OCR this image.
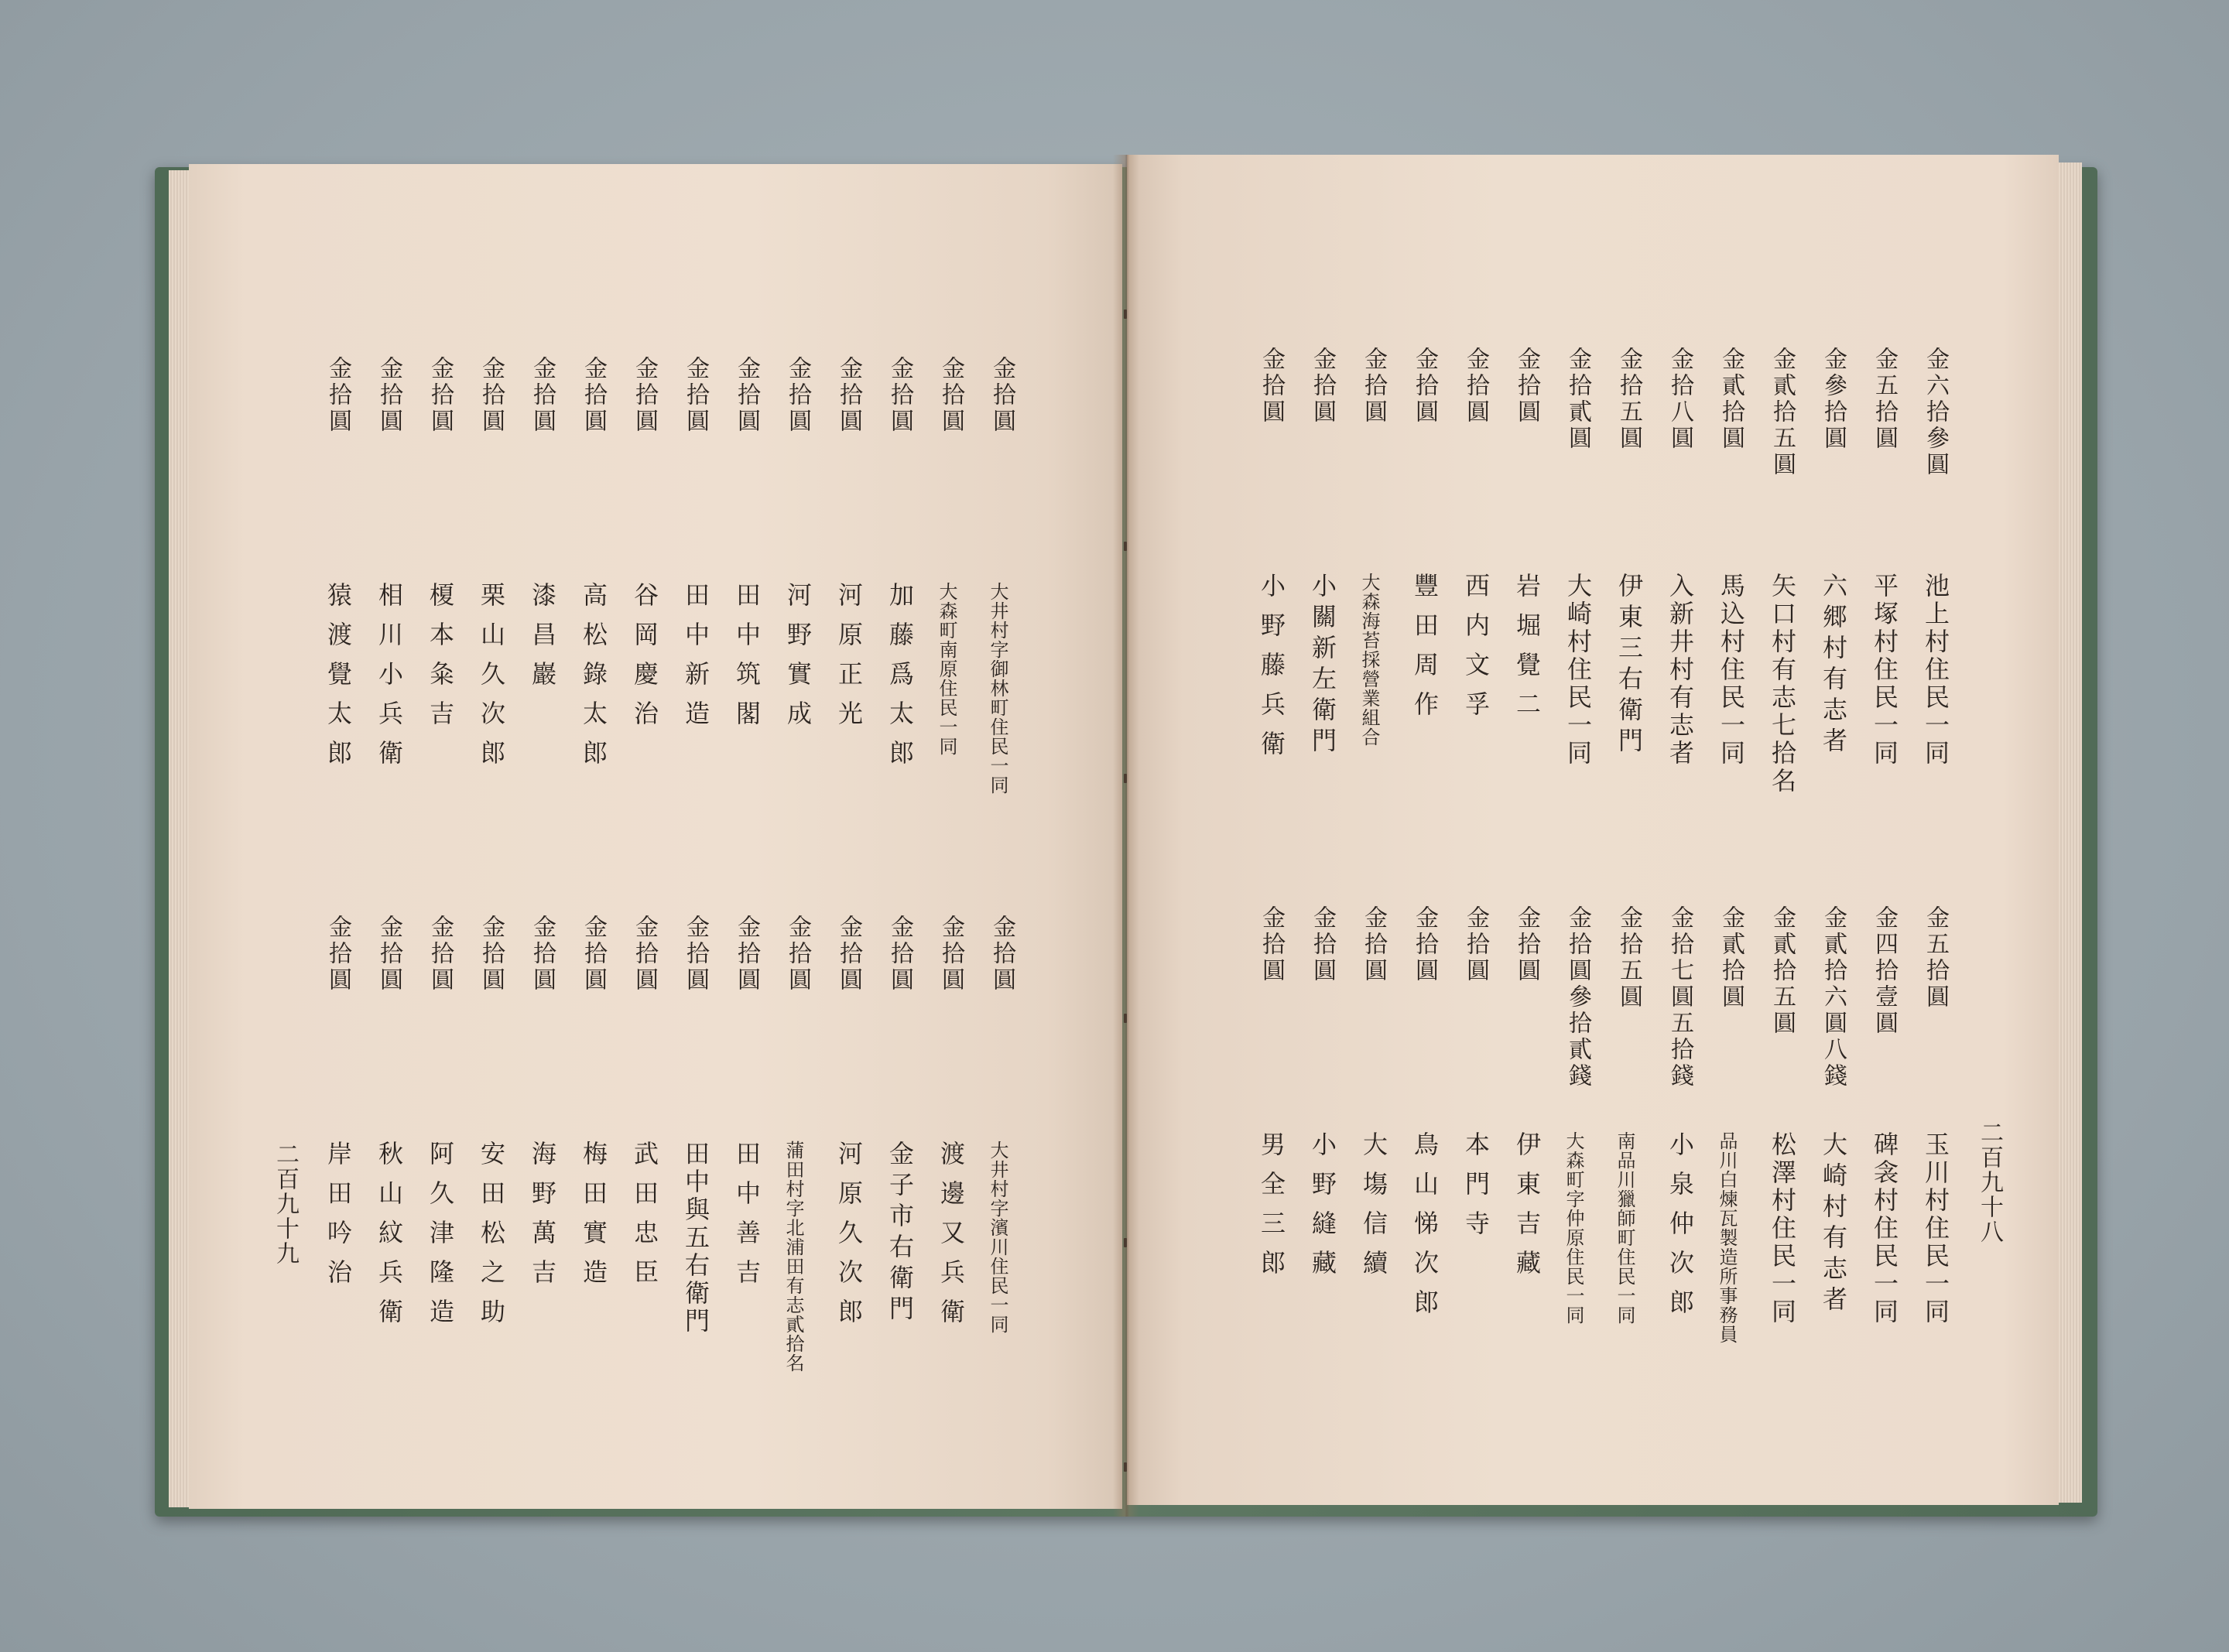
金拾圓
大井村字御林町住民一同
金拾圓
大井村字濱川住民一同
金拾圓
大森町南原住民一同
金拾圓
渡邊又兵衛
金拾圓
加藤爲太郎
金拾圓
金子市右衛門
金拾圓
河原正光
金拾圓
河原久次郎
金拾圓
河野實成
金拾圓
蒲田村字北浦田有志貳拾名
金拾圓
田中筑閣
金拾圓
田中善吉
金拾圓
田中新造
金拾圓
田中與五右衛門
金拾圓
谷岡慶治
金拾圓
武田忠臣
金拾圓
高松錄太郎
金拾圓
梅田實造
金拾圓
漆昌巖
金拾圓
海野萬吉
金拾圓
栗山久次郎
金拾圓
安田松之助
金拾圓
榎本粂吉
金拾圓
阿久津隆造
金拾圓
相川小兵衛
金拾圓
秋山紋兵衛
金拾圓
猿渡覺太郎
金拾圓
岸田吟治
二百九十九
金六拾參圓
池上村住民一同
金五拾圓
玉川村住民一同
金五拾圓
平塚村住民一同
金四拾壹圓
碑衾村住民一同
金參拾圓
六郷村有志者
金貳拾六圓八錢
大崎村有志者
金貳拾五圓
矢口村有志七拾名
金貳拾五圓
松澤村住民一同
金貳拾圓
馬込村住民一同
金貳拾圓
品川白煉瓦製造所事務員
金拾八圓
入新井村有志者
金拾七圓五拾錢
小泉仲次郎
金拾五圓
伊東三右衛門
金拾五圓
南品川獵師町住民一同
金拾貳圓
大崎村住民一同
金拾圓參拾貳錢
大森町字仲原住民一同
金拾圓
岩堀覺二
金拾圓
伊東吉藏
金拾圓
西内文孚
金拾圓
本門寺
金拾圓
豐田周作
金拾圓
鳥山悌次郎
金拾圓
大森海苔採營業組合
金拾圓
大塲信續
金拾圓
小關新左衛門
金拾圓
小野縫藏
金拾圓
小野藤兵衛
金拾圓
男全三郎	二百九十八
